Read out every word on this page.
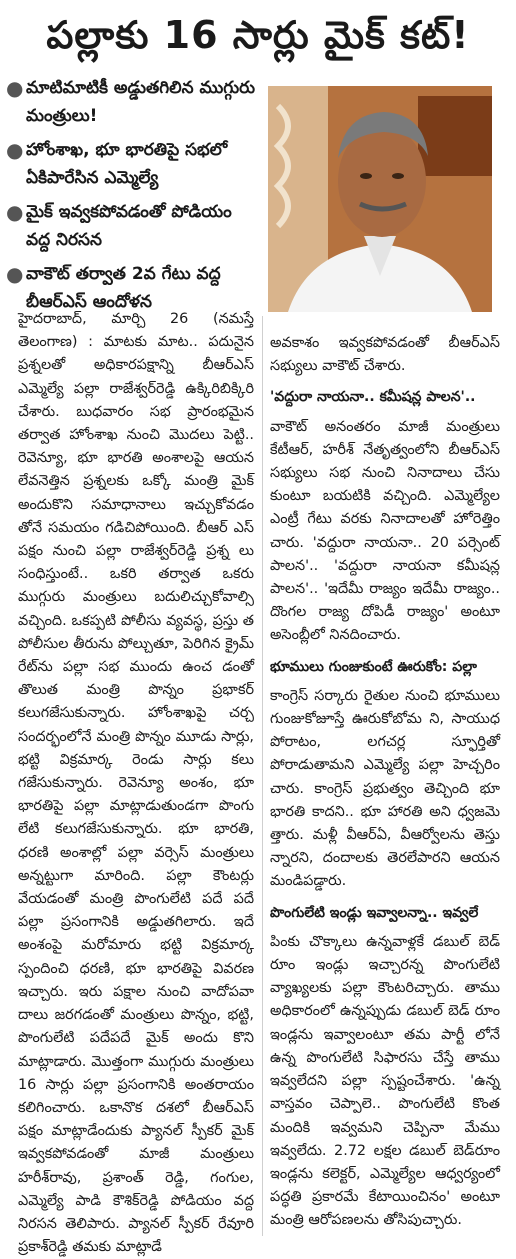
పల్లాకు 16 సార్లు మైక్ కట్!
● మాటిమాటికీ అడ్డుతగిలిన ముగ్గురు మంత్రులు!
● హోంశాఖ, భూ భారతిపై సభలో ఏకిపారేసిన ఎమ్మెల్యే
● మైక్ ఇవ్వకపోవడంతో పోడియం వద్ద నిరసన
● వాకౌట్ తర్వాత 2వ గేటు వద్ద బీఆర్ఎస్ ఆందోళన

హైదరాబాద్, మార్చి 26 (నమస్తే తెలంగాణ) : మాటకు మాట.. పదునైన ప్రశ్నలతో అధికారపక్షాన్ని బీఆర్ఎస్ ఎమ్మెల్యే పల్లా రాజేశ్వర్‌రెడ్డి ఉక్కిరిబిక్కిరి చేశారు. బుధవారం సభ ప్రారంభమైన తర్వాత హోంశాఖ నుంచి మొదలు పెట్టి.. రెవెన్యూ, భూ భారతి అంశాలపై ఆయన లేవనెత్తిన ప్రశ్నలకు ఒక్కో మంత్రి మైక్ అందుకొని సమాధానాలు ఇచ్చుకోవడం తోనే సమయం గడిచిపోయింది. బీఆర్ ఎస్ పక్షం నుంచి పల్లా రాజేశ్వర్‌రెడ్డి ప్రశ్న లు సంధిస్తుంటే.. ఒకరి తర్వాత ఒకరు ముగ్గురు మంత్రులు బదులిచ్చుకోవాల్సి వచ్చింది. ఒకప్పటి పోలీసు వ్యవస్థ, ప్రస్తు త పోలీసుల తీరును పోల్చుతూ, పెరిగిన క్రైమ్ రేట్‌ను పల్లా సభ ముందు ఉంచ డంతో తొలుత మంత్రి పొన్నం ప్రభాకర్ కలుగజేసుకున్నారు. హోంశాఖపై చర్చ సందర్భంలోనే మంత్రి పొన్నం మూడు సార్లు, భట్టి విక్రమార్క రెండు సార్లు కలు గజేసుకున్నారు. రెవెన్యూ అంశం, భూ భారతిపై పల్లా మాట్లాడుతుండగా పొంగు లేటి కలుగజేసుకున్నారు. భూ భారతి, ధరణి అంశాల్లో పల్లా వర్సెస్ మంత్రులు అన్నట్టుగా మారింది. పల్లా కౌంటర్లు వేయడంతో మంత్రి పొంగులేటి పదే పదే పల్లా ప్రసంగానికి అడ్డుతగిలారు. ఇదే అంశంపై మరోమారు భట్టి విక్రమార్క స్పందించి ధరణి, భూ భారతిపై వివరణ ఇచ్చారు. ఇరు పక్షాల నుంచి వాదోపవా దాలు జరగడంతో మంత్రులు పొన్నం, భట్టి, పొంగులేటి పదేపదే మైక్ అందు కొని మాట్లాడారు. మొత్తంగా ముగ్గురు మంత్రులు 16 సార్లు పల్లా ప్రసంగానికి అంతరాయం కలిగించారు. ఒకానొక దశలో బీఆర్ఎస్ పక్షం మాట్లాడేందుకు ప్యానల్ స్పీకర్ మైక్ ఇవ్వకపోవడంతో మాజీ మంత్రులు హరీశ్‌రావు, ప్రశాంత్ రెడ్డి, గంగుల, ఎమ్మెల్యే పాడి కౌశిక్‌రెడ్డి పోడియం వద్ద నిరసన తెలిపారు. ప్యానల్ స్పీకర్ రేవూరి ప్రకాశ్‌రెడ్డి తమకు మాట్లాడే

అవకాశం ఇవ్వకపోవడంతో బీఆర్ఎస్ సభ్యులు వాకౌట్ చేశారు.

'వద్దురా నాయనా.. కమీషన్ల పాలన'..

వాకౌట్ అనంతరం మాజీ మంత్రులు కేటీఆర్, హరీశ్ నేతృత్వంలోని బీఆర్ఎస్ సభ్యులు సభ నుంచి నినాదాలు చేసు కుంటూ బయటికి వచ్చింది. ఎమ్మెల్యేల ఎంట్రీ గేటు వరకు నినాదాలతో హోరెత్తిం చారు. 'వద్దురా నాయనా.. 20 పర్సెంట్ పాలన'.. 'వద్దురా నాయనా కమీషన్ల పాలన'.. 'ఇదేమీ రాజ్యం ఇదేమీ రాజ్యం.. దొంగల రాజ్య దోపిడీ రాజ్యం' అంటూ అసెంబ్లీలో నినదించారు.

భూములు గుంజుకుంటే ఊరుకోం: పల్లా

కాంగ్రెస్ సర్కారు రైతుల నుంచి భూములు గుంజుకోజూస్తే ఊరుకోబోమ ని, సాయుధ పోరాటం, లగచర్ల స్ఫూర్తితో పోరాడుతామని ఎమ్మెల్యే పల్లా హెచ్చరిం చారు. కాంగ్రెస్ ప్రభుత్వం తెచ్చింది భూ భారతి కాదని.. భూ హారతి అని ధ్వజమె త్తారు. మళ్లీ వీఆర్ఏ, వీఆర్వోలను తెస్తు న్నారని, దందాలకు తెరలేపారని ఆయన మండిపడ్డారు.

పొంగులేటి ఇండ్లు ఇవ్వాలన్నా.. ఇవ్వలే

పింకు చొక్కాలు ఉన్నవాళ్లకే డబుల్ బెడ్ రూం ఇండ్లు ఇచ్చారన్న పొంగులేటి వ్యాఖ్యలకు పల్లా కౌంటరిచ్చారు. తాము అధికారంలో ఉన్నప్పుడు డబుల్ బెడ్ రూం ఇండ్లను ఇవ్వాలంటూ తమ పార్టీ లోనే ఉన్న పొంగులేటి సిఫారసు చేస్తే తాము ఇవ్వలేదని పల్లా స్పష్టంచేశారు. 'ఉన్న వాస్తవం చెప్పాలె.. పొంగులేటి కొంత మందికి ఇవ్వమని చెప్పినా మేము ఇవ్వలేదు. 2.72 లక్షల డబుల్ బెడ్‌రూం ఇండ్లను కలెక్టర్, ఎమ్మెల్యేల ఆధ్వర్యంలో పద్ధతి ప్రకారమే కేటాయించినం' అంటూ మంత్రి ఆరోపణలను తోసిపుచ్చారు.
